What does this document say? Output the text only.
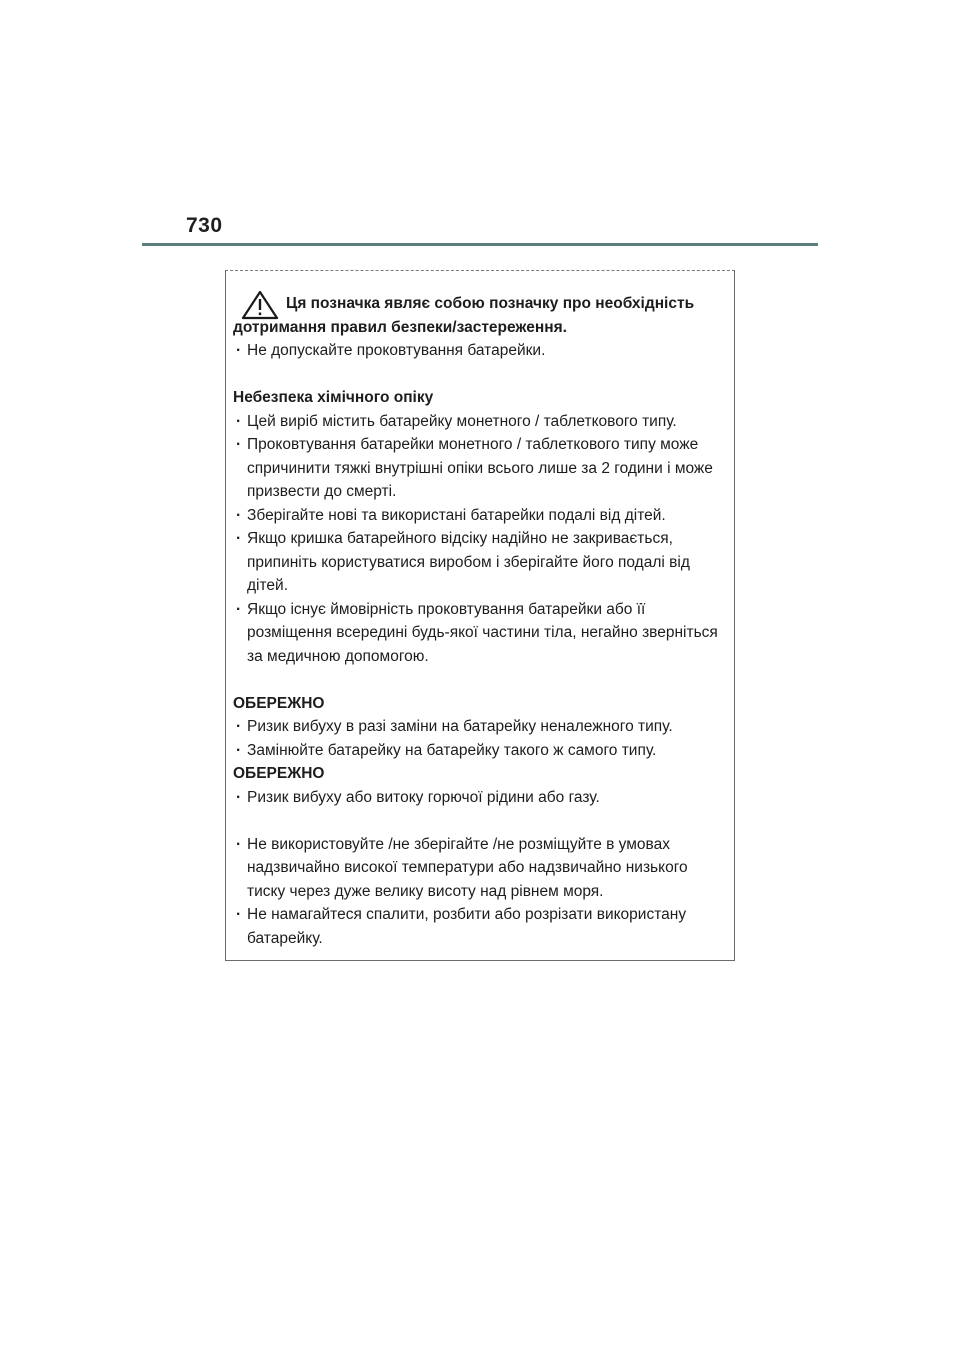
730
Ця позначка являє собою позначку про необхідність
дотримання правил безпеки/застереження.
· Не допускайте проковтування батарейки.
Небезпека хімічного опіку
· Цей виріб містить батарейку монетного / таблеткового типу.
· Проковтування батарейки монетного / таблеткового типу може спричинити тяжкі внутрішні опіки всього лише за 2 години і може призвести до смерті.
· Зберігайте нові та використані батарейки подалі від дітей.
· Якщо кришка батарейного відсіку надійно не закривається, припиніть користуватися виробом і зберігайте його подалі від дітей.
· Якщо існує ймовірність проковтування батарейки або її розміщення всередині будь-якої частини тіла, негайно зверніться за медичною допомогою.
ОБЕРЕЖНО
· Ризик вибуху в разі заміни на батарейку неналежного типу.
· Замінюйте батарейку на батарейку такого ж самого типу.
ОБЕРЕЖНО
· Ризик вибуху або витоку горючої рідини або газу.
· Не використовуйте /не зберігайте /не розміщуйте в умовах надзвичайно високої температури або надзвичайно низького тиску через дуже велику висоту над рівнем моря.
· Не намагайтеся спалити, розбити або розрізати використану батарейку.
